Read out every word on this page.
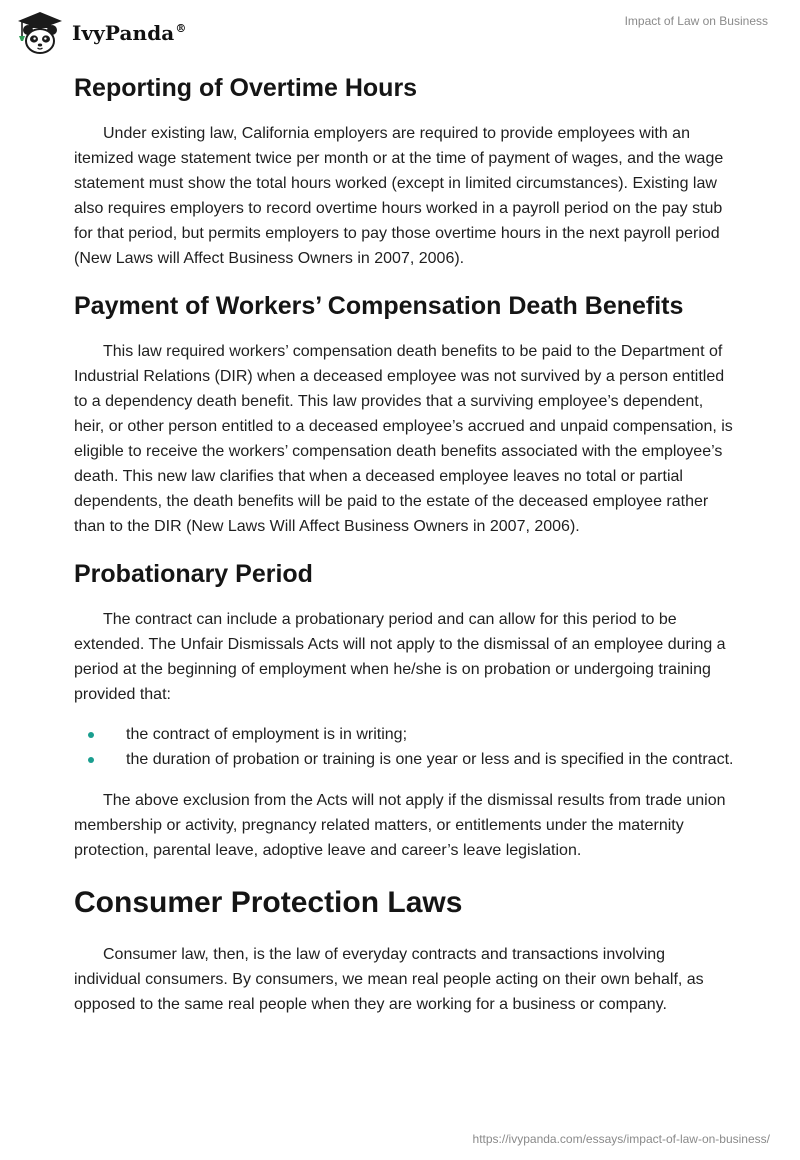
IvyPanda®
Impact of Law on Business
Reporting of Overtime Hours

Under existing law, California employers are required to provide employees with an itemized wage statement twice per month or at the time of payment of wages, and the wage statement must show the total hours worked (except in limited circumstances). Existing law also requires employers to record overtime hours worked in a payroll period on the pay stub for that period, but permits employers to pay those overtime hours in the next payroll period (New Laws will Affect Business Owners in 2007, 2006).

Payment of Workers’ Compensation Death Benefits

This law required workers’ compensation death benefits to be paid to the Department of Industrial Relations (DIR) when a deceased employee was not survived by a person entitled to a dependency death benefit. This law provides that a surviving employee’s dependent, heir, or other person entitled to a deceased employee’s accrued and unpaid compensation, is eligible to receive the workers’ compensation death benefits associated with the employee’s death. This new law clarifies that when a deceased employee leaves no total or partial dependents, the death benefits will be paid to the estate of the deceased employee rather than to the DIR (New Laws Will Affect Business Owners in 2007, 2006).

Probationary Period

The contract can include a probationary period and can allow for this period to be extended. The Unfair Dismissals Acts will not apply to the dismissal of an employee during a period at the beginning of employment when he/she is on probation or undergoing training provided that:

the contract of employment is in writing;
the duration of probation or training is one year or less and is specified in the contract.

The above exclusion from the Acts will not apply if the dismissal results from trade union membership or activity, pregnancy related matters, or entitlements under the maternity protection, parental leave, adoptive leave and career’s leave legislation.

Consumer Protection Laws

Consumer law, then, is the law of everyday contracts and transactions involving individual consumers. By consumers, we mean real people acting on their own behalf, as opposed to the same real people when they are working for a business or company.

https://ivypanda.com/essays/impact-of-law-on-business/
